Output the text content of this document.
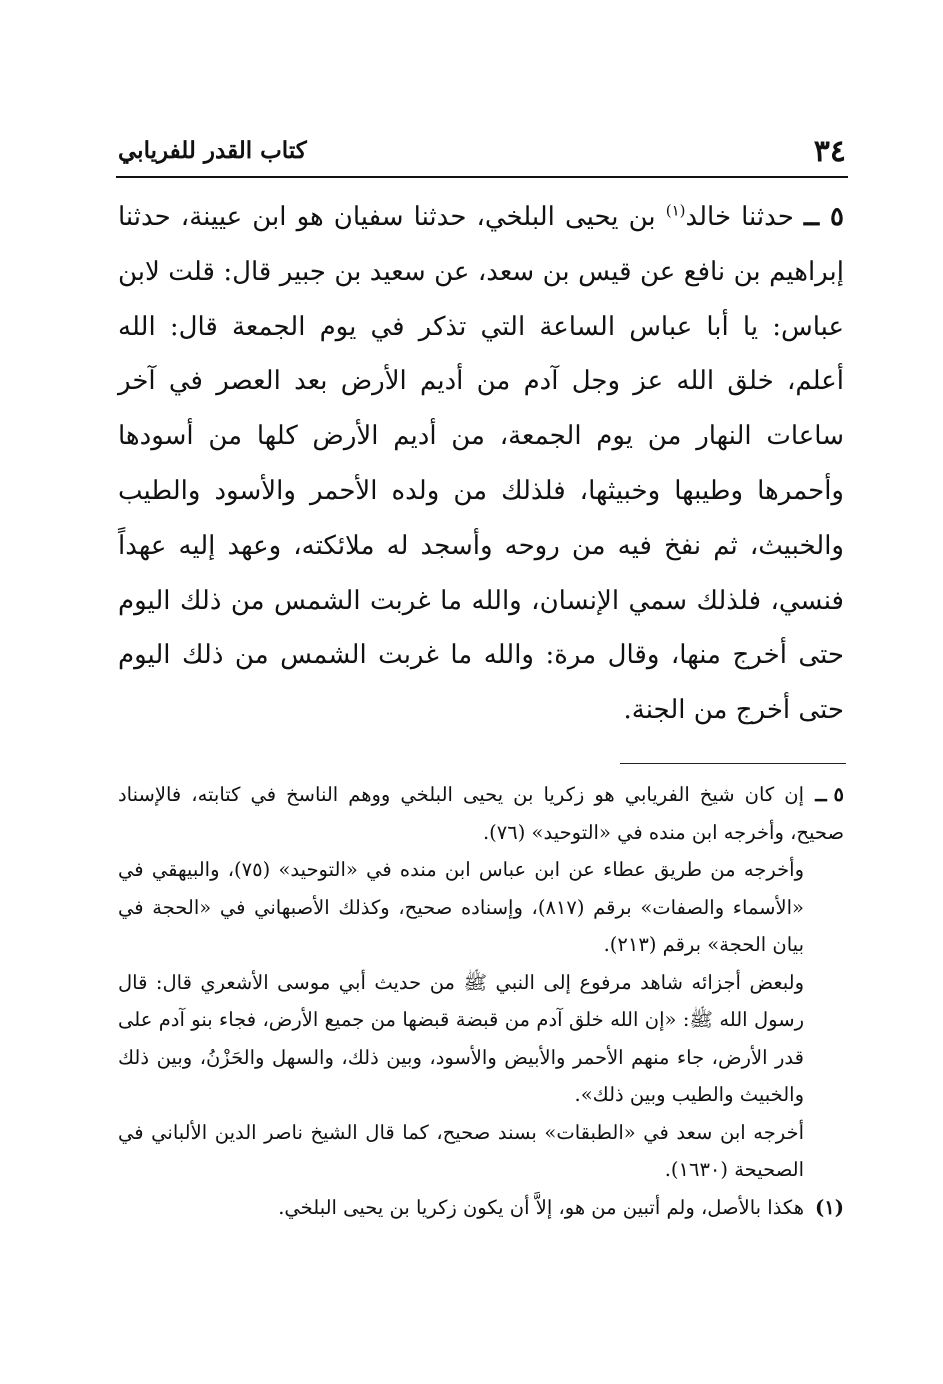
٣٤
كتاب القدر للفريابي
٥ ــ حدثنا خالد$^{(١)}$ بن يحيى البلخي، حدثنا سفيان هو ابن عيينة، حدثنا إبراهيم بن نافع عن قيس بن سعد، عن سعيد بن جبير قال: قلت لابن عباس: يا أبا عباس الساعة التي تذكر في يوم الجمعة قال: الله أعلم، خلق الله عز وجل آدم من أديم الأرض بعد العصر في آخر ساعات النهار من يوم الجمعة، من أديم الأرض كلها من أسودها وأحمرها وطيبها وخبيثها، فلذلك من ولده الأحمر والأسود والطيب والخبيث، ثم نفخ فيه من روحه وأسجد له ملائكته، وعهد إليه عهداً فنسي، فلذلك سمي الإنسان، والله ما غربت الشمس من ذلك اليوم حتى أخرج منها، وقال مرة: والله ما غربت الشمس من ذلك اليوم حتى أخرج من الجنة.

٥ ــإن كان شيخ الفريابي هو زكريا بن يحيى البلخي ووهم الناسخ في كتابته، فالإسناد صحيح، وأخرجه ابن منده في «التوحيد» (٧٦).

وأخرجه من طريق عطاء عن ابن عباس ابن منده في «التوحيد» (٧٥)، والبيهقي في «الأسماء والصفات» برقم (٨١٧)، وإسناده صحيح، وكذلك الأصبهاني في «الحجة في بيان الحجة» برقم (٢١٣).

ولبعض أجزائه شاهد مرفوع إلى النبي ﷺ من حديث أبي موسى الأشعري قال: قال رسول الله ﷺ: «إن الله خلق آدم من قبضة قبضها من جميع الأرض، فجاء بنو آدم على قدر الأرض، جاء منهم الأحمر والأبيض والأسود، وبين ذلك، والسهل والحَزْنُ، وبين ذلك والخبيث والطيب وبين ذلك».

أخرجه ابن سعد في «الطبقات» بسند صحيح، كما قال الشيخ ناصر الدين الألباني في الصحيحة (١٦٣٠).

(١)هكذا بالأصل، ولم أتبين من هو، إلاَّ أن يكون زكريا بن يحيى البلخي.
